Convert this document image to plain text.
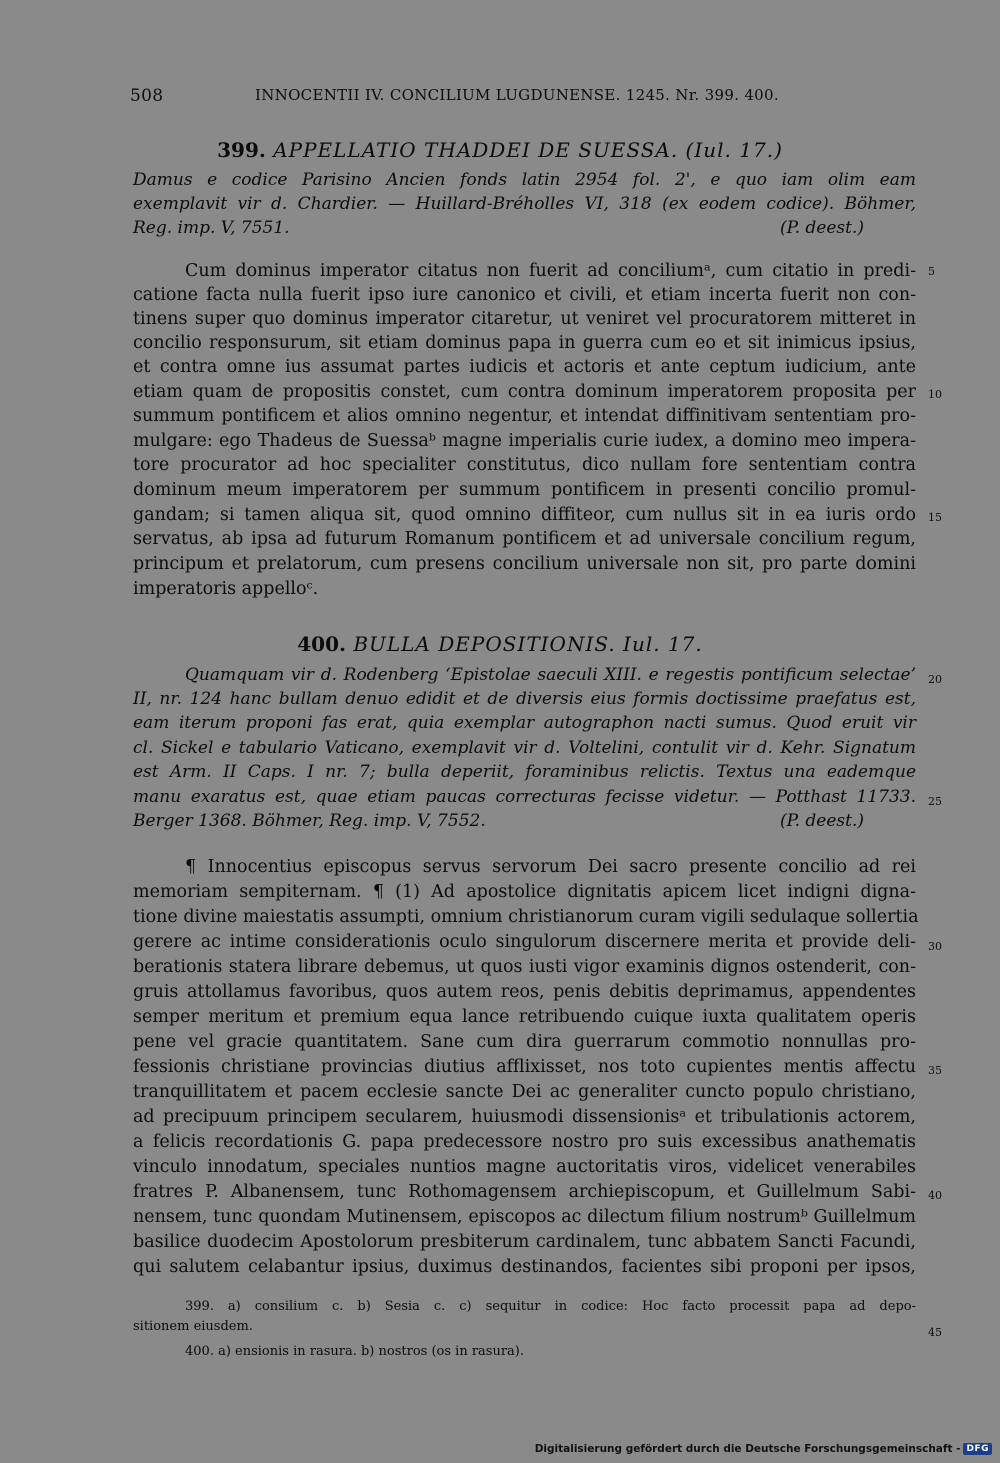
508	INNOCENTII IV. CONCILIUM LUGDUNENSE. 1245. Nr. 399. 400.
399. APPELLATIO THADDEI DE SUESSA. (Iul. 17.)
Damus e codice Parisino Ancien fonds latin 2954 fol. 2', e quo iam olim eam
exemplavit vir d. Chardier. — Huillard-Bréholles VI, 318 (ex eodem codice). Böhmer,
Reg. imp. V, 7551.	(P. deest.)
Cum dominus imperator citatus non fuerit ad conciliumᵃ, cum citatio in predi-
catione facta nulla fuerit ipso iure canonico et civili, et etiam incerta fuerit non con-
tinens super quo dominus imperator citaretur, ut veniret vel procuratorem mitteret in
concilio responsurum, sit etiam dominus papa in guerra cum eo et sit inimicus ipsius,
et contra omne ius assumat partes iudicis et actoris et ante ceptum iudicium, ante
etiam quam de propositis constet, cum contra dominum imperatorem proposita per
summum pontificem et alios omnino negentur, et intendat diffinitivam sententiam pro-
mulgare: ego Thadeus de Suessaᵇ magne imperialis curie iudex, a domino meo impera-
tore procurator ad hoc specialiter constitutus, dico nullam fore sententiam contra
dominum meum imperatorem per summum pontificem in presenti concilio promul-
gandam; si tamen aliqua sit, quod omnino diffiteor, cum nullus sit in ea iuris ordo
servatus, ab ipsa ad futurum Romanum pontificem et ad universale concilium regum,
principum et prelatorum, cum presens concilium universale non sit, pro parte domini
imperatoris appelloᶜ.
400. BULLA DEPOSITIONIS. Iul. 17.
Quamquam vir d. Rodenberg ‘Epistolae saeculi XIII. e regestis pontificum selectae’
II, nr. 124 hanc bullam denuo edidit et de diversis eius formis doctissime praefatus est,
eam iterum proponi fas erat, quia exemplar autographon nacti sumus. Quod eruit vir
cl. Sickel e tabulario Vaticano, exemplavit vir d. Voltelini, contulit vir d. Kehr. Signatum
est Arm. II Caps. I nr. 7; bulla deperiit, foraminibus relictis. Textus una eademque
manu exaratus est, quae etiam paucas correcturas fecisse videtur. — Potthast 11733.
Berger 1368. Böhmer, Reg. imp. V, 7552.	(P. deest.)
¶ Innocentius episcopus servus servorum Dei sacro presente concilio ad rei
memoriam sempiternam. ¶ (1) Ad apostolice dignitatis apicem licet indigni digna-
tione divine maiestatis assumpti, omnium christianorum curam vigili sedulaque sollertia
gerere ac intime considerationis oculo singulorum discernere merita et provide deli-
berationis statera librare debemus, ut quos iusti vigor examinis dignos ostenderit, con-
gruis attollamus favoribus, quos autem reos, penis debitis deprimamus, appendentes
semper meritum et premium equa lance retribuendo cuique iuxta qualitatem operis
pene vel gracie quantitatem. Sane cum dira guerrarum commotio nonnullas pro-
fessionis christiane provincias diutius afflixisset, nos toto cupientes mentis affectu
tranquillitatem et pacem ecclesie sancte Dei ac generaliter cuncto populo christiano,
ad precipuum principem secularem, huiusmodi dissensionisᵃ et tribulationis actorem,
a felicis recordationis G. papa predecessore nostro pro suis excessibus anathematis
vinculo innodatum, speciales nuntios magne auctoritatis viros, videlicet venerabiles
fratres P. Albanensem, tunc Rothomagensem archiepiscopum, et Guillelmum Sabi-
nensem, tunc quondam Mutinensem, episcopos ac dilectum filium nostrumᵇ Guillelmum
basilice duodecim Apostolorum presbiterum cardinalem, tunc abbatem Sancti Facundi,
qui salutem celabantur ipsius, duximus destinandos, facientes sibi proponi per ipsos,
399. a) consilium c. b) Sesia c. c) sequitur in codice: Hoc facto processit papa ad depo-
sitionem eiusdem.
400. a) ensionis in rasura. b) nostros (os in rasura).
5
10
15
20
25
30
35
40
45
Digitalisierung gefördert durch die Deutsche Forschungsgemeinschaft - DFG
